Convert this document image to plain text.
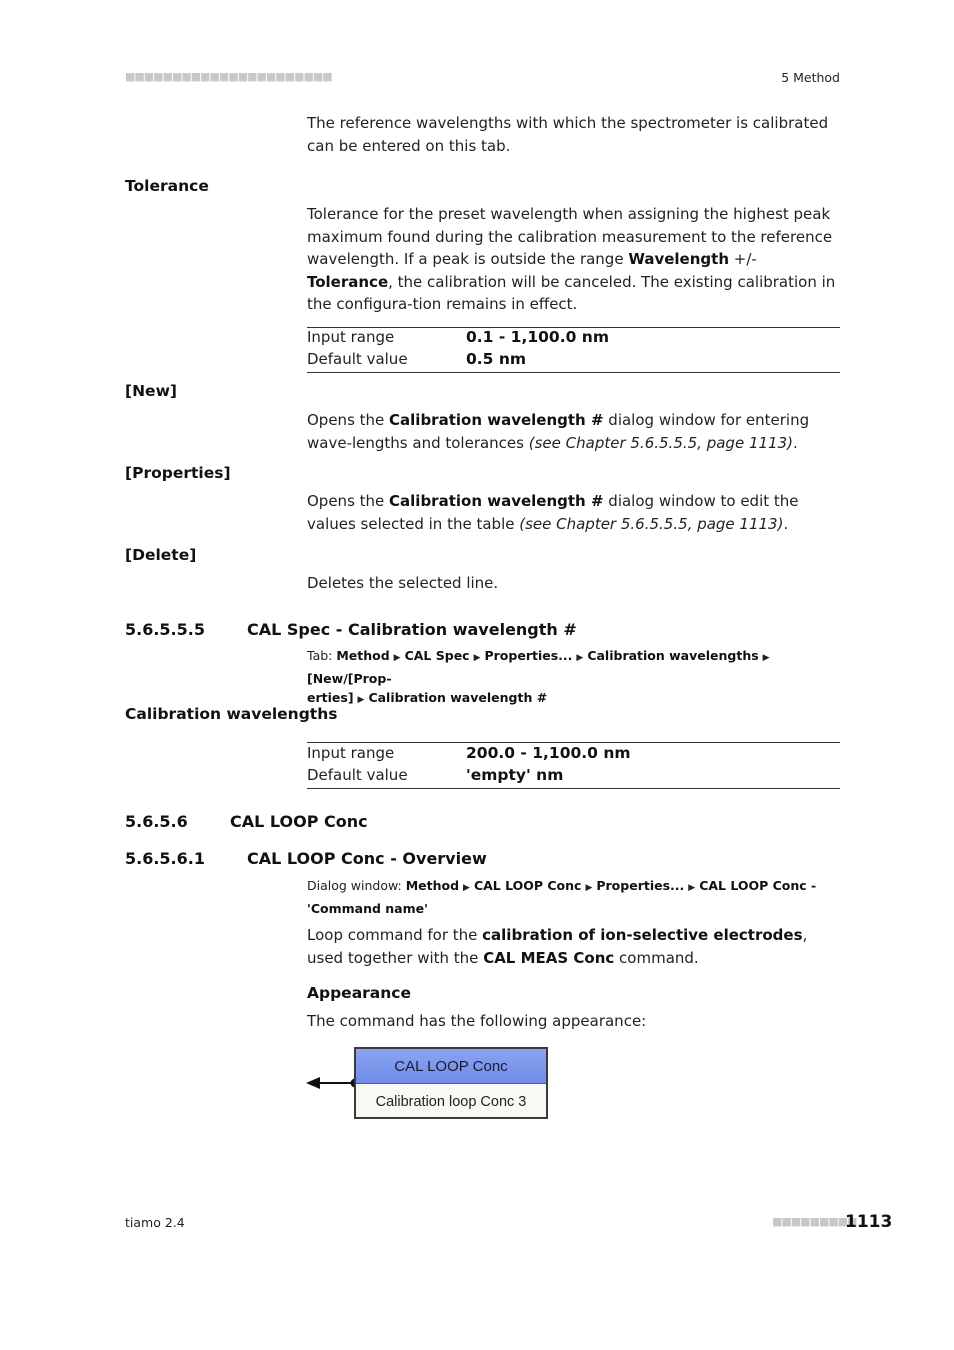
■■■■■■■■■■■■■■■■■■■■■■	5 Method
The reference wavelengths with which the spectrometer is calibrated can be entered on this tab.
Tolerance
Tolerance for the preset wavelength when assigning the highest peak maximum found during the calibration measurement to the reference wavelength. If a peak is outside the range Wavelength +/- Tolerance, the calibration will be canceled. The existing calibration in the configura-tion remains in effect.
Input range	0.1 - 1,100.0 nm
Default value	0.5 nm
[New]
Opens the Calibration wavelength # dialog window for entering wave-lengths and tolerances (see Chapter 5.6.5.5.5, page 1113).
[Properties]
Opens the Calibration wavelength # dialog window to edit the values selected in the table (see Chapter 5.6.5.5.5, page 1113).
[Delete]
Deletes the selected line.
5.6.5.5.5	CAL Spec - Calibration wavelength #
Tab: Method ▶ CAL Spec ▶ Properties... ▶ Calibration wavelengths ▶ [New/[Prop-
erties] ▶ Calibration wavelength #
Calibration wavelengths
Input range	200.0 - 1,100.0 nm
Default value	'empty' nm
5.6.5.6	CAL LOOP Conc
5.6.5.6.1	CAL LOOP Conc - Overview
Dialog window: Method ▶ CAL LOOP Conc ▶ Properties... ▶ CAL LOOP Conc -
'Command name'
Loop command for the calibration of ion-selective electrodes, used together with the CAL MEAS Conc command.
Appearance
The command has the following appearance:
CAL LOOP Conc
Calibration loop Conc 3
tiamo 2.4	■■■■■■■■■
1113
